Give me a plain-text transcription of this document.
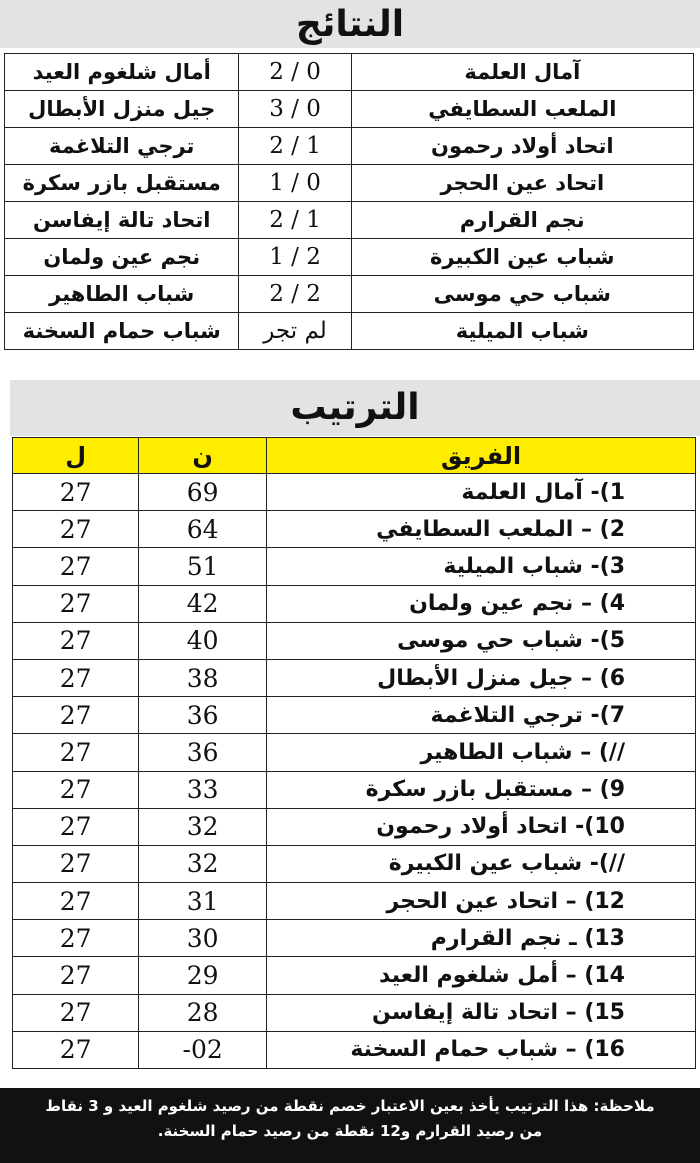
النتائج
آمال العلمة	0 / 2	أمال شلغوم العيد
الملعب السطايفي	0 / 3	جيل منزل الأبطال
اتحاد أولاد رحمون	1 / 2	ترجي التلاغمة
اتحاد عين الحجر	0 / 1	مستقبل بازر سكرة
نجم القرارم	1 / 2	اتحاد تالة إيفاسن
شباب عين الكبيرة	2 / 1	نجم عين ولمان
شباب حي موسى	2 / 2	شباب الطاهير
شباب الميلية	لم تجر	شباب حمام السخنة
الترتيب
الفريق	ن	ل
1)- آمال العلمة	69	27
2) – الملعب السطايفي	64	27
3)- شباب الميلية	51	27
4) – نجم عين ولمان	42	27
5)- شباب حي موسى	40	27
6) – جيل منزل الأبطال	38	27
7)- ترجي التلاغمة	36	27
//) – شباب الطاهير	36	27
9) – مستقبل بازر سكرة	33	27
10)- اتحاد أولاد رحمون	32	27
//)- شباب عين الكبيرة	32	27
12) – اتحاد عين الحجر	31	27
13) ـ نجم القرارم	30	27
14) – أمل شلغوم العيد	29	27
15) – اتحاد تالة إيفاسن	28	27
16) – شباب حمام السخنة	02-	27
ملاحظة: هذا الترتيب يأخذ بعين الاعتبار خصم نقطة من رصيد شلغوم العيد و 3 نقاط
من رصيد القرارم و12 نقطة من رصيد حمام السخنة.
